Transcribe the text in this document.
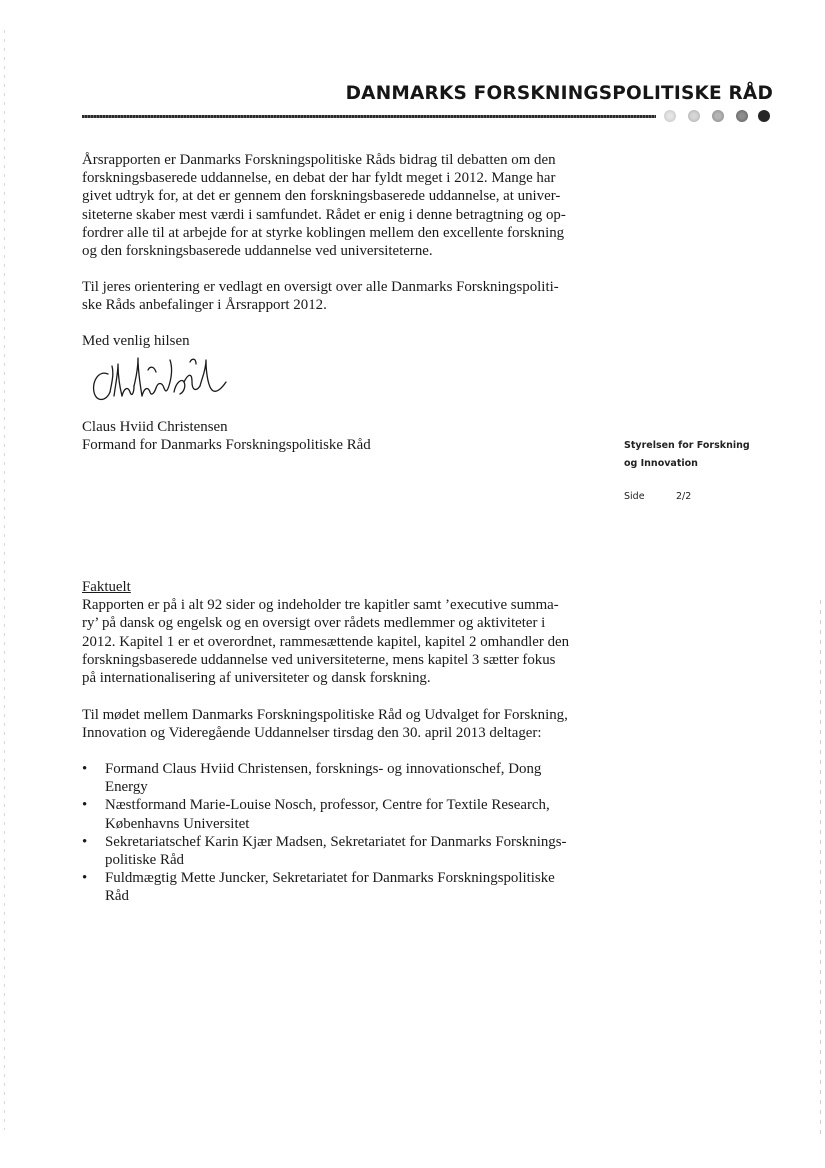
DANMARKS FORSKNINGSPOLITISKE RÅD

Årsrapporten er Danmarks Forskningspolitiske Råds bidrag til debatten om den

forskningsbaserede uddannelse, en debat der har fyldt meget i 2012. Mange har

givet udtryk for, at det er gennem den forskningsbaserede uddannelse, at univer-

siteterne skaber mest værdi i samfundet. Rådet er enig i denne betragtning og op-

fordrer alle til at arbejde for at styrke koblingen mellem den excellente forskning

og den forskningsbaserede uddannelse ved universiteterne.

Til jeres orientering er vedlagt en oversigt over alle Danmarks Forskningspoliti-

ske Råds anbefalinger i Årsrapport 2012.

Med venlig hilsen

Claus Hviid Christensen

Formand for Danmarks Forskningspolitiske Råd	Styrelsen for Forskning
og Innovation
Side	2/2

Faktuelt

Rapporten er på i alt 92 sider og indeholder tre kapitler samt ’executive summa-

ry’ på dansk og engelsk og en oversigt over rådets medlemmer og aktiviteter i

2012. Kapitel 1 er et overordnet, rammesættende kapitel, kapitel 2 omhandler den

forskningsbaserede uddannelse ved universiteterne, mens kapitel 3 sætter fokus

på internationalisering af universiteter og dansk forskning.

Til mødet mellem Danmarks Forskningspolitiske Råd og Udvalget for Forskning,

Innovation og Videregående Uddannelser tirsdag den 30. april 2013 deltager:

• Formand Claus Hviid Christensen, forsknings- og innovationschef, Dong
Energy
• Næstformand Marie-Louise Nosch, professor, Centre for Textile Research,
Københavns Universitet
• Sekretariatschef Karin Kjær Madsen, Sekretariatet for Danmarks Forsknings-
politiske Råd
• Fuldmægtig Mette Juncker, Sekretariatet for Danmarks Forskningspolitiske
Råd
